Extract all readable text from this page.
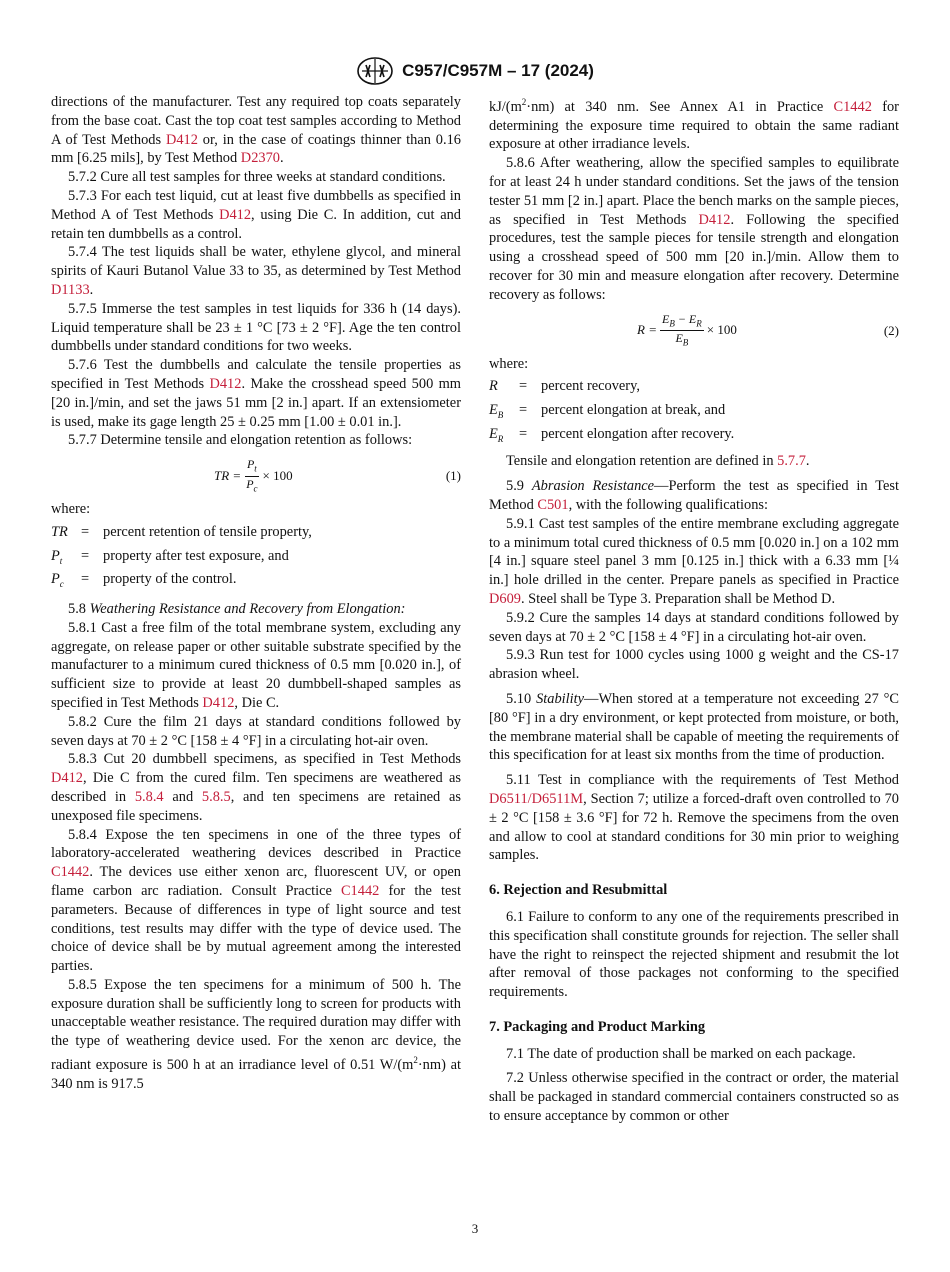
C957/C957M – 17 (2024)

directions of the manufacturer. Test any required top coats separately from the base coat. Cast the top coat test samples according to Method A of Test Methods D412 or, in the case of coatings thinner than 0.16 mm [6.25 mils], by Test Method D2370.

5.7.2 Cure all test samples for three weeks at standard conditions.

5.7.3 For each test liquid, cut at least five dumbbells as specified in Method A of Test Methods D412, using Die C. In addition, cut and retain ten dumbbells as a control.

5.7.4 The test liquids shall be water, ethylene glycol, and mineral spirits of Kauri Butanol Value 33 to 35, as determined by Test Method D1133.

5.7.5 Immerse the test samples in test liquids for 336 h (14 days). Liquid temperature shall be 23 ± 1 °C [73 ± 2 °F]. Age the ten control dumbbells under standard conditions for two weeks.

5.7.6 Test the dumbbells and calculate the tensile properties as specified in Test Methods D412. Make the crosshead speed 500 mm [20 in.]/min, and set the jaws 51 mm [2 in.] apart. If an extensiometer is used, make its gage length 25 ± 0.25 mm [1.00 ± 0.01 in.].

5.7.7 Determine tensile and elongation retention as follows:

TR = $\frac{P_t}{P_c} \times 100$	(1)

where:

TR = percent retention of tensile property,
$P_t$	= property after test exposure, and
$P_c$	= property of the control.

5.8 Weathering Resistance and Recovery from Elongation:

5.8.1 Cast a free film of the total membrane system, excluding any aggregate, on release paper or other suitable substrate specified by the manufacturer to a minimum cured thickness of 0.5 mm [0.020 in.], of sufficient size to provide at least 20 dumbbell-shaped samples as specified in Test Methods D412, Die C.

5.8.2 Cure the film 21 days at standard conditions followed by seven days at 70 ± 2 °C [158 ± 4 °F] in a circulating hot-air oven.

5.8.3 Cut 20 dumbbell specimens, as specified in Test Methods D412, Die C from the cured film. Ten specimens are weathered as described in 5.8.4 and 5.8.5, and ten specimens are retained as unexposed file specimens.

5.8.4 Expose the ten specimens in one of the three types of laboratory-accelerated weathering devices described in Practice C1442. The devices use either xenon arc, fluorescent UV, or open flame carbon arc radiation. Consult Practice C1442 for the test parameters. Because of differences in type of light source and test conditions, test results may differ with the type of device used. The choice of device shall be by mutual agreement among the interested parties.

5.8.5 Expose the ten specimens for a minimum of 500 h. The exposure duration shall be sufficiently long to screen for products with unacceptable weather resistance. The required duration may differ with the type of weathering device used. For the xenon arc device, the radiant exposure is 500 h at an irradiance level of 0.51 $W/(m^2\cdot nm)$ at 340 nm is 917.5

$kJ/(m^2\cdot nm)$ at 340 nm. See Annex A1 in Practice C1442 for determining the exposure time required to obtain the same radiant exposure at other irradiance levels.

5.8.6 After weathering, allow the specified samples to equilibrate for at least 24 h under standard conditions. Set the jaws of the tension tester 51 mm [2 in.] apart. Place the bench marks on the sample pieces, as specified in Test Methods D412. Following the specified procedures, test the sample pieces for tensile strength and elongation using a crosshead speed of 500 mm [20 in.]/min. Allow them to recover for 30 min and measure elongation after recovery. Determine recovery as follows:

$R = \frac{E_B - E_R}{E_B} \times 100$	(2)

where:

R	= percent recovery,
$E_B$	= percent elongation at break, and
$E_R$	= percent elongation after recovery.

Tensile and elongation retention are defined in 5.7.7.

5.9 Abrasion Resistance—Perform the test as specified in Test Method C501, with the following qualifications:

5.9.1 Cast test samples of the entire membrane excluding aggregate to a minimum total cured thickness of 0.5 mm [0.020 in.] on a 102 mm [4 in.] square steel panel 3 mm [0.125 in.] thick with a 6.33 mm [¼ in.] hole drilled in the center. Prepare panels as specified in Practice D609. Steel shall be Type 3. Preparation shall be Method D.

5.9.2 Cure the samples 14 days at standard conditions followed by seven days at 70 ± 2 °C [158 ± 4 °F] in a circulating hot-air oven.

5.9.3 Run test for 1000 cycles using 1000 g weight and the CS-17 abrasion wheel.

5.10 Stability—When stored at a temperature not exceeding 27 °C [80 °F] in a dry environment, or kept protected from moisture, or both, the membrane material shall be capable of meeting the requirements of this specification for at least six months from the time of production.

5.11 Test in compliance with the requirements of Test Method D6511/D6511M, Section 7; utilize a forced-draft oven controlled to 70 ± 2 °C [158 ± 3.6 °F] for 72 h. Remove the specimens from the oven and allow to cool at standard conditions for 30 min prior to weighing samples.

6. Rejection and Resubmittal

6.1 Failure to conform to any one of the requirements prescribed in this specification shall constitute grounds for rejection. The seller shall have the right to reinspect the rejected shipment and resubmit the lot after removal of those packages not conforming to the specified requirements.

7. Packaging and Product Marking

7.1 The date of production shall be marked on each package.

7.2 Unless otherwise specified in the contract or order, the material shall be packaged in standard commercial containers constructed so as to ensure acceptance by common or other

3
